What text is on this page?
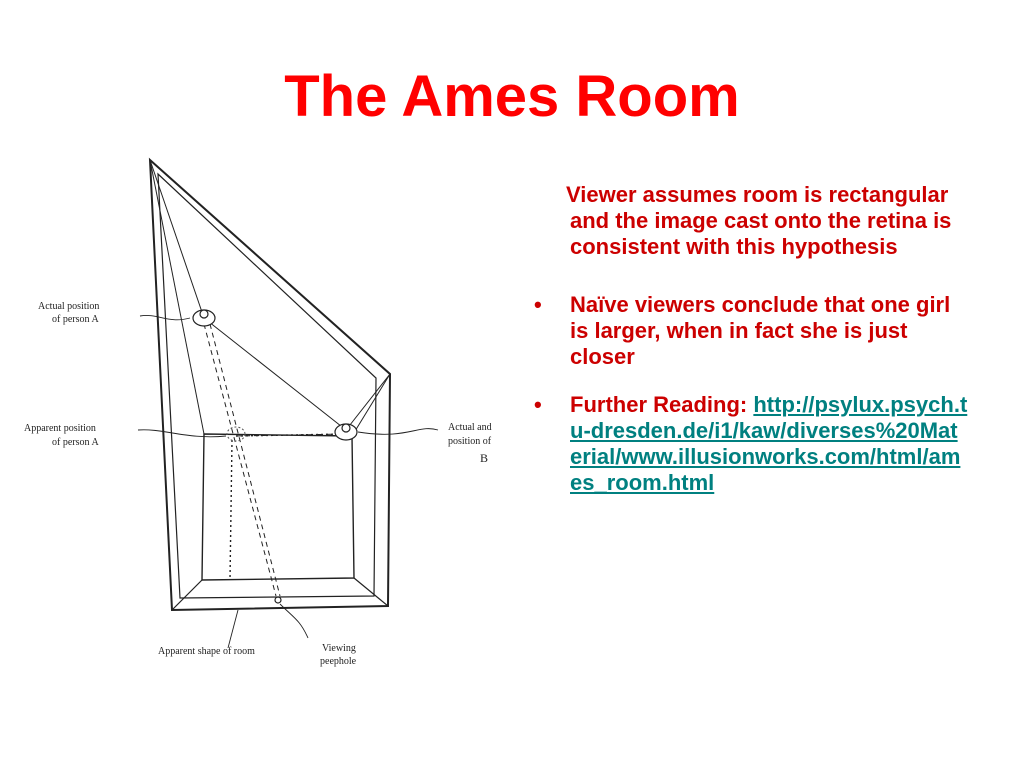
The Ames Room
Actual position
of person A
Apparent position
of person A
Actual and
position of
B
Apparent shape of room	Viewing
peephole
Viewer assumes room is rectangular and the image cast onto the retina is consistent with this hypothesis
• Naïve viewers conclude that one girl is larger, when in fact she is just closer
• Further Reading: http://psylux.psych.tu-dresden.de/i1/kaw/diverses%20Material/www.illusionworks.com/html/ames_room.html
